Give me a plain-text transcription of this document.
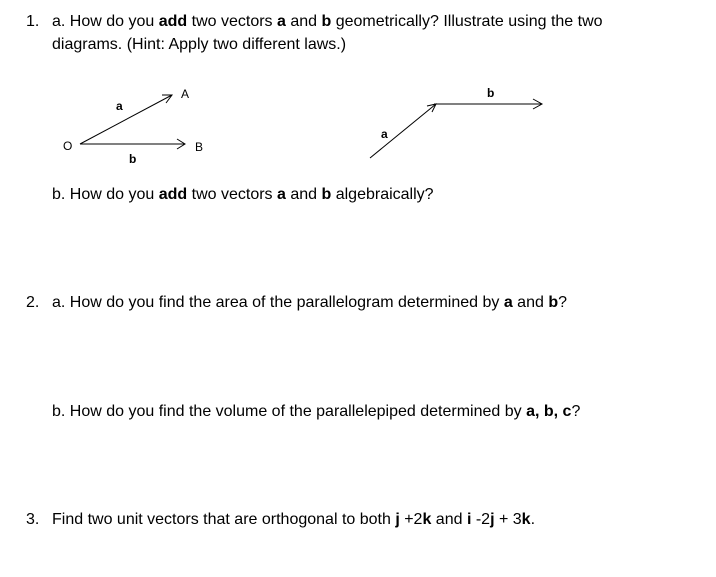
1. a. How do you add two vectors a and b geometrically? Illustrate using the two
diagrams. (Hint: Apply two different laws.)
O
a
A
b
B
a
b
b. How do you add two vectors a and b algebraically?
2. a. How do you find the area of the parallelogram determined by a and b?
b. How do you find the volume of the parallelepiped determined by a, b, c?
3. Find two unit vectors that are orthogonal to both j +2k and i -2j + 3k.
